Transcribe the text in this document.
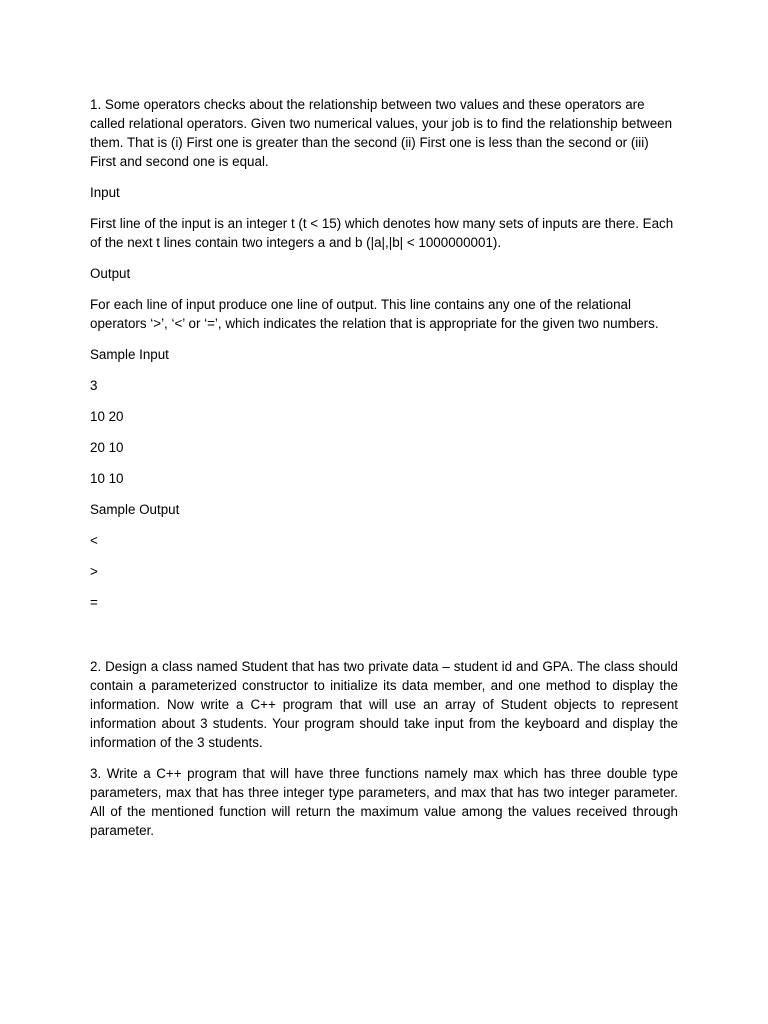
1. Some operators checks about the relationship between two values and these operators are called relational operators. Given two numerical values, your job is to find the relationship between them. That is (i) First one is greater than the second (ii) First one is less than the second or (iii) First and second one is equal.

Input

First line of the input is an integer t (t < 15) which denotes how many sets of inputs are there. Each of the next t lines contain two integers a and b (|a|,|b| < 1000000001).

Output

For each line of input produce one line of output. This line contains any one of the relational operators ‘>’, ‘<’ or ‘=’, which indicates the relation that is appropriate for the given two numbers.

Sample Input

3

10 20

20 10

10 10

Sample Output

<

>

=

2. Design a class named Student that has two private data – student id and GPA. The class should contain a parameterized constructor to initialize its data member, and one method to display the information. Now write a C++ program that will use an array of Student objects to represent information about 3 students. Your program should take input from the keyboard and display the information of the 3 students.

3. Write a C++ program that will have three functions namely max which has three double type parameters, max that has three integer type parameters, and max that has two integer parameter. All of the mentioned function will return the maximum value among the values received through parameter.
